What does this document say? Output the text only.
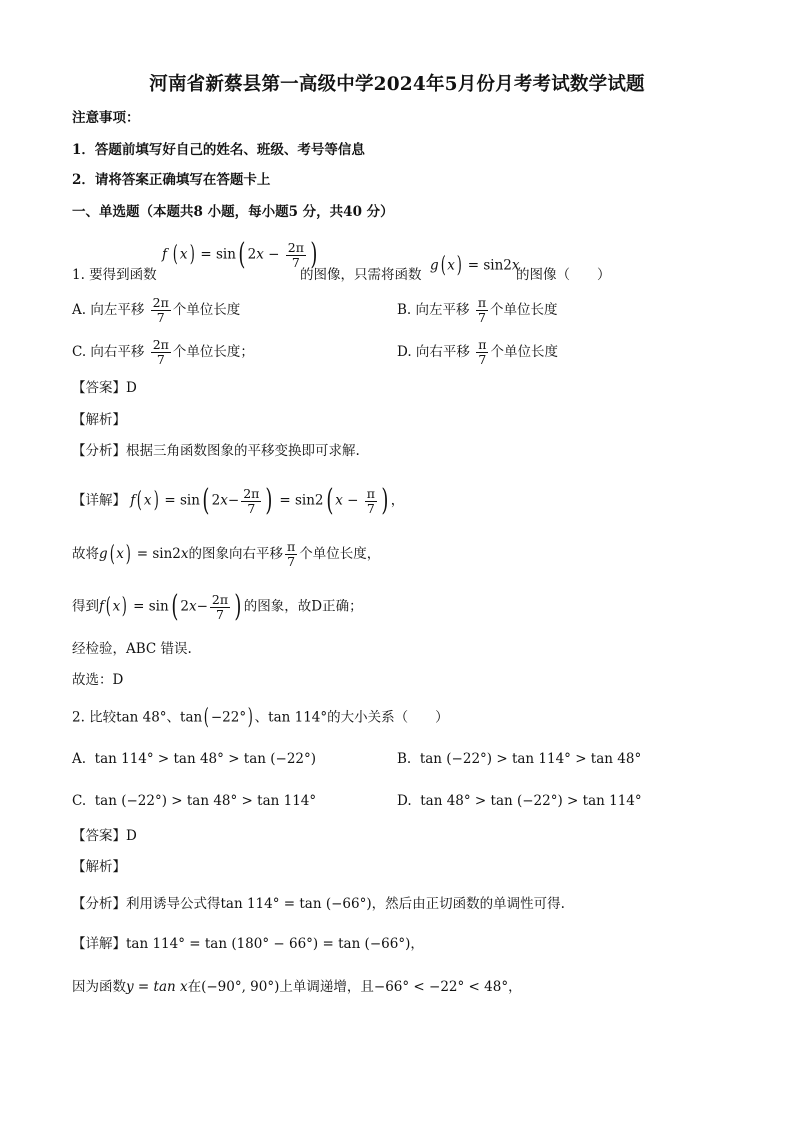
河南省新蔡县第一高级中学2024年5月份月考考试数学试题
注意事项：
1．答题前填写好自己的姓名、班级、考号等信息
2．请将答案正确填写在答题卡上
一、单选题（本题共8 小题，每小题5 分，共40 分）
f ( x) = sin( $2x - \frac{2\pi}{7}$ )
1. 要得到函数	的图像，只需将函数
g( x) = sin2x
的图像（　　）
A. 向左平移 $\frac{2\pi}{7}$ 个单位长度	B. 向左平移 $\frac{\pi}{7}$ 个单位长度
C. 向右平移 $\frac{2\pi}{7}$ 个单位长度；	D. 向右平移 $\frac{\pi}{7}$ 个单位长度
【答案】D
【解析】
【分析】根据三角函数图象的平移变换即可求解.
【详解】 f( x) = sin( $2x- \frac{2\pi}{7}$ ) = sin2( $x - \frac{\pi}{7}$ ) ，
故将g( x) = sin2x的图象向右平移 $\frac{\pi}{7}$ 个单位长度，
得到f( x) = sin( $2x- \frac{2\pi}{7}$ ) 的图象，故D正确；
经检验，ABC 错误.
故选：D
2. 比较tan 48°、tan( −22°) 、tan 114°的大小关系（　　）
A. tan 114° > tan 48° > tan (−22°)	B. tan (−22°) > tan 114° > tan 48°
C. tan (−22°) > tan 48° > tan 114°	D. tan 48° > tan (−22°) > tan 114°
【答案】D
【解析】
【分析】利用诱导公式得tan 114° = tan (−66°)，然后由正切函数的单调性可得.
【详解】tan 114° = tan (180° − 66°) = tan (−66°)，
因为函数y = tan x在(−90°, 90°)上单调递增，且−66° < −22° < 48°，
